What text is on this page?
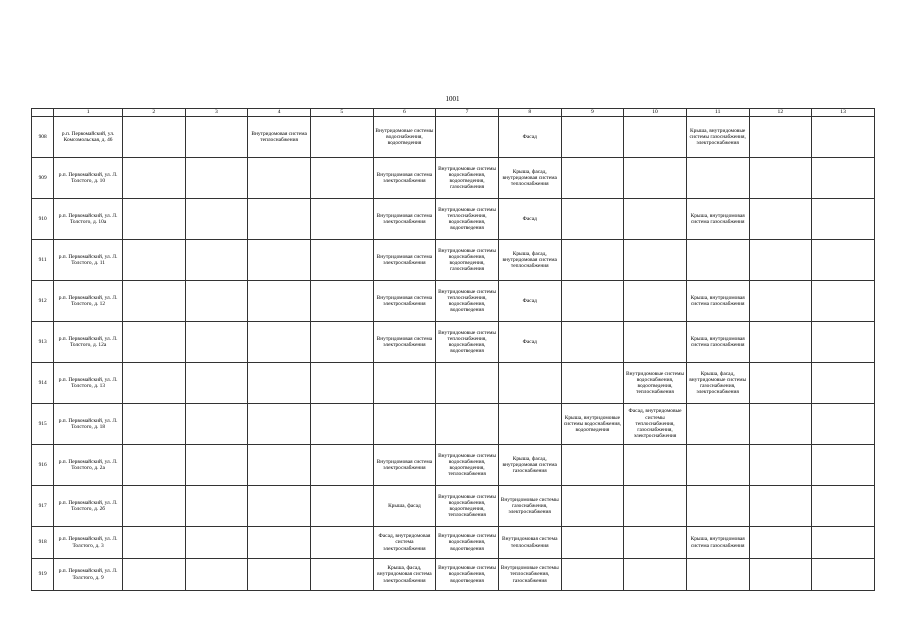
1001
	1	2	3	4	5	6	7	8	9	10	11	12	13
908	р.п. Первомайский, ул. Комсомольская, д. 46			Внутридомовая система теплоснабжения		Внутридомовые системы водоснабжения, водоотведения		Фасад			Крыша, внутридомовые системы газоснабжения, электроснабжения		
909	р.п. Первомайский, ул. Л. Толстого, д. 10					Внутридомовая система электроснабжения	Внутридомовые системы водоснабжения, водоотведения, газоснабжения	Крыша, фасад, внутридомовая система теплоснабжения					
910	р.п. Первомайский, ул. Л. Толстого, д. 10а					Внутридомовая система электроснабжения	Внутридомовые системы теплоснабжения, водоснабжения, водоотведения	Фасад			Крыша, внутридомовая система газоснабжения		
911	р.п. Первомайский, ул. Л. Толстого, д. 11					Внутридомовая система электроснабжения	Внутридомовые системы водоснабжения, водоотведения, газоснабжения	Крыша, фасад, внутридомовая система теплоснабжения					
912	р.п. Первомайский, ул. Л. Толстого, д. 12					Внутридомовая система электроснабжения	Внутридомовые системы теплоснабжения, водоснабжения, водоотведения	Фасад			Крыша, внутридомовая система газоснабжения		
913	р.п. Первомайский, ул. Л. Толстого, д. 12а					Внутридомовая система электроснабжения	Внутридомовые системы теплоснабжения, водоснабжения, водоотведения	Фасад			Крыша, внутридомовая система газоснабжения		
914	р.п. Первомайский, ул. Л. Толстого, д. 13									Внутридомовые системы водоснабжения, водоотведения, теплоснабжения	Крыша, фасад, внутридомовые системы газоснабжения, электроснабжения		
915	р.п. Первомайский, ул. Л. Толстого, д. 18								Крыша, внутридомовые системы водоснабжения, водоотведения	Фасад, внутридомовые системы теплоснабжения, газоснабжения, электроснабжения			
916	р.п. Первомайский, ул. Л. Толстого, д. 2а					Внутридомовая система электроснабжения	Внутридомовые системы водоснабжения, водоотведения, теплоснабжения	Крыша, фасад, внутридомовая система газоснабжения					
917	р.п. Первомайский, ул. Л. Толстого, д. 2б					Крыша, фасад	Внутридомовые системы водоснабжения, водоотведения, теплоснабжения	Внутридомовые системы газоснабжения, электроснабжения					
918	р.п. Первомайский, ул. Л. Толстого, д. 3					Фасад, внутридомовая система электроснабжения	Внутридомовые системы водоснабжения, водоотведения	Внутридомовая система теплоснабжения			Крыша, внутридомовая система газоснабжения		
919	р.п. Первомайский, ул. Л. Толстого, д. 9					Крыша, фасад, внутридомовая система электроснабжения	Внутридомовые системы водоснабжения, водоотведения	Внутридомовые системы теплоснабжения, газоснабжения					
